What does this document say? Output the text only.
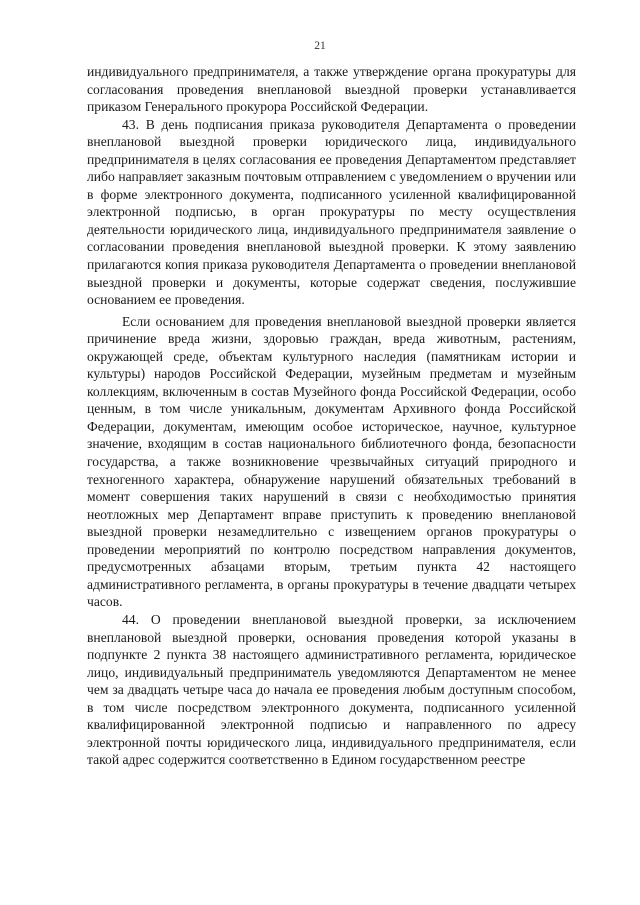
21

индивидуального предпринимателя, а также утверждение органа прокуратуры для согласования проведения внеплановой выездной проверки устанавливается приказом Генерального прокурора Российской Федерации.

43. В день подписания приказа руководителя Департамента о проведении внеплановой выездной проверки юридического лица, индивидуального предпринимателя в целях согласования ее проведения Департаментом представляет либо направляет заказным почтовым отправлением с уведомлением о вручении или в форме электронного документа, подписанного усиленной квалифицированной электронной подписью, в орган прокуратуры по месту осуществления деятельности юридического лица, индивидуального предпринимателя заявление о согласовании проведения внеплановой выездной проверки. К этому заявлению прилагаются копия приказа руководителя Департамента о проведении внеплановой выездной проверки и документы, которые содержат сведения, послужившие основанием ее проведения.

Если основанием для проведения внеплановой выездной проверки является причинение вреда жизни, здоровью граждан, вреда животным, растениям, окружающей среде, объектам культурного наследия (памятникам истории и культуры) народов Российской Федерации, музейным предметам и музейным коллекциям, включенным в состав Музейного фонда Российской Федерации, особо ценным, в том числе уникальным, документам Архивного фонда Российской Федерации, документам, имеющим особое историческое, научное, культурное значение, входящим в состав национального библиотечного фонда, безопасности государства, а также возникновение чрезвычайных ситуаций природного и техногенного характера, обнаружение нарушений обязательных требований в момент совершения таких нарушений в связи с необходимостью принятия неотложных мер Департамент вправе приступить к проведению внеплановой выездной проверки незамедлительно с извещением органов прокуратуры о проведении мероприятий по контролю посредством направления документов, предусмотренных абзацами вторым, третьим пункта 42 настоящего административного регламента, в органы прокуратуры в течение двадцати четырех часов.

44. О проведении внеплановой выездной проверки, за исключением внеплановой выездной проверки, основания проведения которой указаны в подпункте 2 пункта 38 настоящего административного регламента, юридическое лицо, индивидуальный предприниматель уведомляются Департаментом не менее чем за двадцать четыре часа до начала ее проведения любым доступным способом, в том числе посредством электронного документа, подписанного усиленной квалифицированной электронной подписью и направленного по адресу электронной почты юридического лица, индивидуального предпринимателя, если такой адрес содержится соответственно в Едином государственном реестре
